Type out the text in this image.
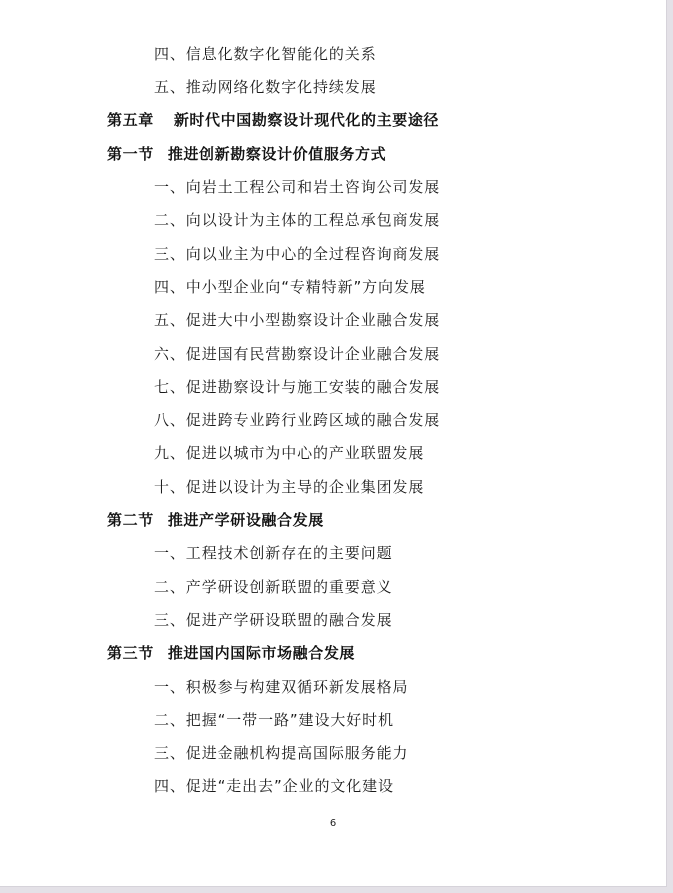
四、信息化数字化智能化的关系
五、推动网络化数字化持续发展
第五章 新时代中国勘察设计现代化的主要途径
第一节 推进创新勘察设计价值服务方式
一、向岩土工程公司和岩土咨询公司发展
二、向以设计为主体的工程总承包商发展
三、向以业主为中心的全过程咨询商发展
四、中小型企业向“专精特新”方向发展
五、促进大中小型勘察设计企业融合发展
六、促进国有民营勘察设计企业融合发展
七、促进勘察设计与施工安装的融合发展
八、促进跨专业跨行业跨区域的融合发展
九、促进以城市为中心的产业联盟发展
十、促进以设计为主导的企业集团发展
第二节 推进产学研设融合发展
一、工程技术创新存在的主要问题
二、产学研设创新联盟的重要意义
三、促进产学研设联盟的融合发展
第三节 推进国内国际市场融合发展
一、积极参与构建双循环新发展格局
二、把握“一带一路”建设大好时机
三、促进金融机构提高国际服务能力
四、促进“走出去”企业的文化建设
6
